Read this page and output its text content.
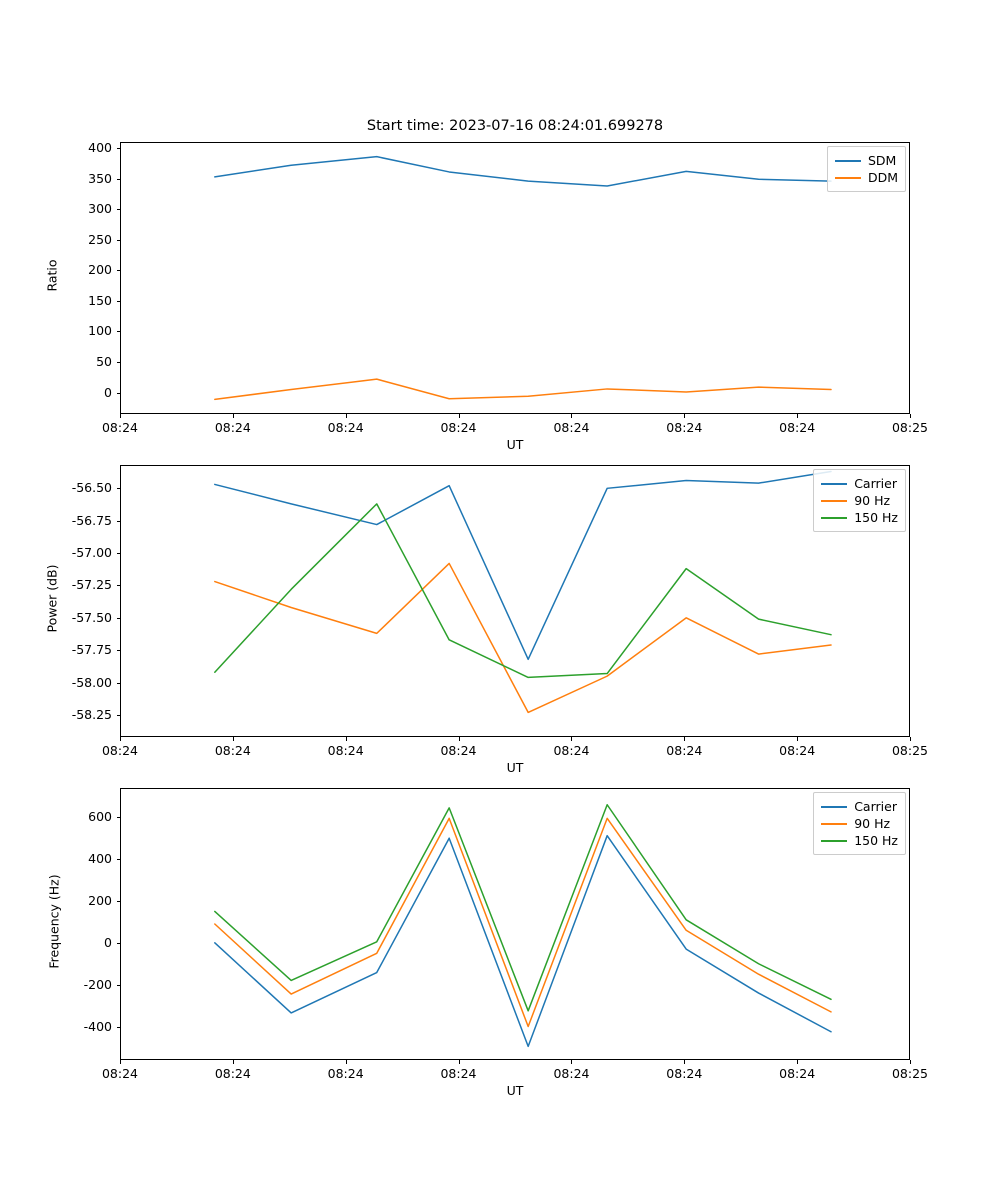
Start time: 2023-07-16 08:24:01.699278
SDM
DDM
Ratio
UT
Carrier
90 Hz
150 Hz
Power (dB)
UT
Carrier
90 Hz
150 Hz
Frequency (Hz)
UT
08:24	08:24	08:24	08:24	08:24	08:24	08:24	08:25
0
50
100
150
200
250
300
350
400
08:24	08:24	08:24	08:24	08:24	08:24	08:24	08:25
-58.25
-58.00
-57.75
-57.50
-57.25
-57.00
-56.75
-56.50
08:24	08:24	08:24	08:24	08:24	08:24	08:24	08:25
-400
-200
0
200
400
600
